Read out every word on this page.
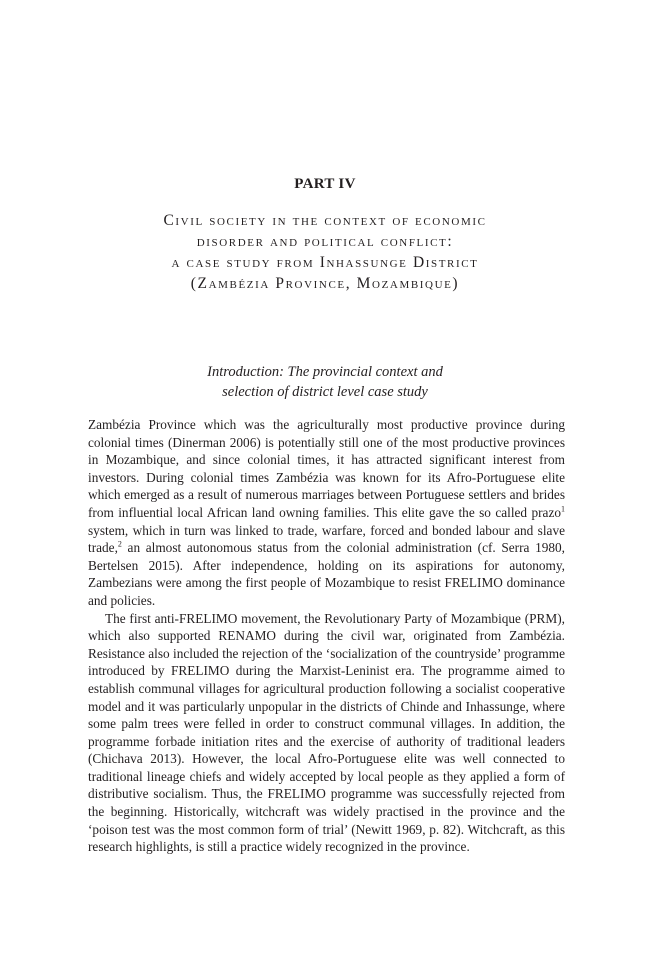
PART IV
Civil society in the context of economic
disorder and political conflict:
a case study from Inhassunge District
(Zambézia Province, Mozambique)
Introduction: The provincial context and
selection of district level case study

Zambézia Province which was the agriculturally most productive province during colonial times (Dinerman 2006) is potentially still one of the most productive provinces in Mozambique, and since colonial times, it has attracted significant interest from investors. During colonial times Zambézia was known for its Afro-Portuguese elite which emerged as a result of numerous marriages between Portuguese settlers and brides from influential local African land owning families. This elite gave the so called prazo$^1$ system, which in turn was linked to trade, warfare, forced and bonded labour and slave trade,$^2$ an almost autonomous status from the colonial administration (cf. Serra 1980, Bertelsen 2015). After independence, holding on its aspirations for autonomy, Zambezians were among the first people of Mozambique to resist FRELIMO dominance and policies.

The first anti-FRELIMO movement, the Revolutionary Party of Mozambique (PRM), which also supported RENAMO during the civil war, originated from Zambézia. Resistance also included the rejection of the ‘socialization of the countryside’ programme introduced by FRELIMO during the Marxist-Leninist era. The programme aimed to establish communal villages for agricultural production following a socialist cooperative model and it was particularly unpopular in the districts of Chinde and Inhassunge, where some palm trees were felled in order to construct communal villages. In addition, the programme forbade initiation rites and the exercise of authority of traditional leaders (Chichava 2013). However, the local Afro-Portuguese elite was well connected to traditional lineage chiefs and widely accepted by local people as they applied a form of distributive socialism. Thus, the FRELIMO programme was successfully rejected from the beginning. Historically, witchcraft was widely practised in the province and the ‘poison test was the most common form of trial’ (Newitt 1969, p. 82). Witchcraft, as this research highlights, is still a practice widely recognized in the province.
